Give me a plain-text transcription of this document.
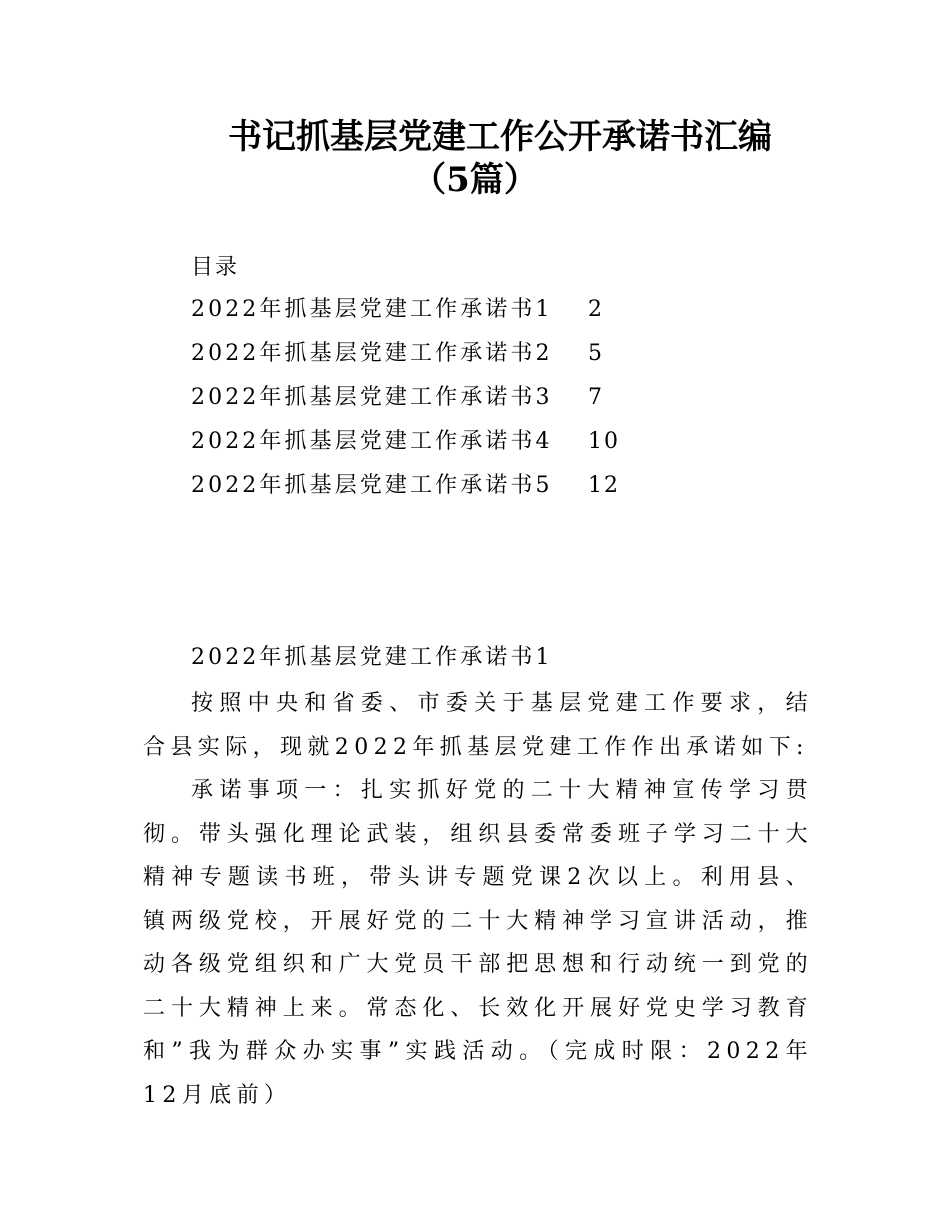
书记抓基层党建工作公开承诺书汇编
（5篇）
目录
2022年抓基层党建工作承诺书1 2
2022年抓基层党建工作承诺书2 5
2022年抓基层党建工作承诺书3 7
2022年抓基层党建工作承诺书4 10
2022年抓基层党建工作承诺书5 12
2022年抓基层党建工作承诺书1

按照中央和省委、市委关于基层党建工作要求，结合县实际，现就2022年抓基层党建工作作出承诺如下:

承诺事项一：扎实抓好党的二十大精神宣传学习贯彻。带头强化理论武装，组织县委常委班子学习二十大精神专题读书班，带头讲专题党课2次以上。利用县、镇两级党校，开展好党的二十大精神学习宣讲活动，推动各级党组织和广大党员干部把思想和行动统一到党的二十大精神上来。常态化、长效化开展好党史学习教育和”我为群众办实事”实践活动。（完成时限：2022年12月底前）
